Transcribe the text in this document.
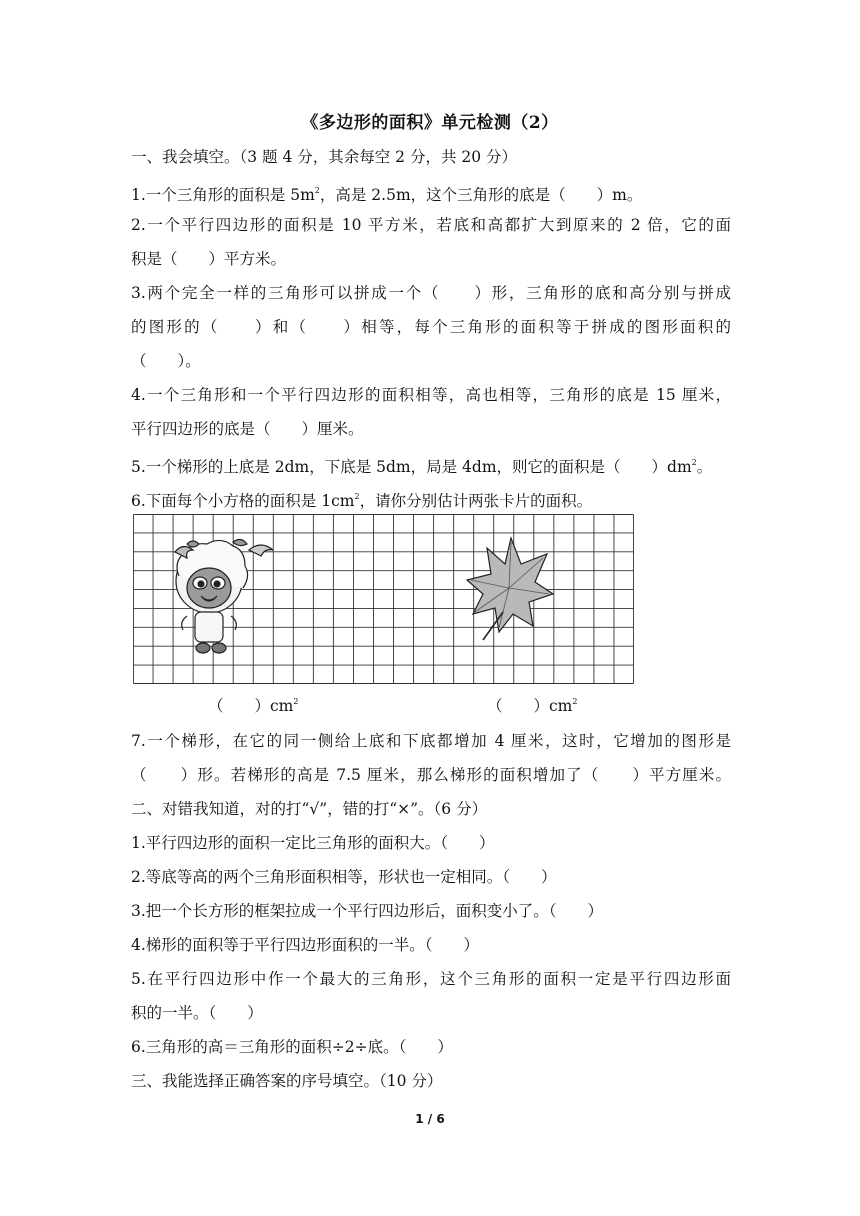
《多边形的面积》单元检测（2）
一、我会填空。（3 题 4 分，其余每空 2 分，共 20 分）
1.一个三角形的面积是 $5m^2$，高是 2.5m，这个三角形的底是（　　）m。
2.一个平行四边形的面积是 10 平方米，若底和高都扩大到原来的 2 倍，它的面
积是（　　）平方米。
3.两个完全一样的三角形可以拼成一个（　　）形，三角形的底和高分别与拼成
的图形的（　　）和（　　）相等，每个三角形的面积等于拼成的图形面积的
（　　）。
4.一个三角形和一个平行四边形的面积相等，高也相等，三角形的底是 15 厘米，
平行四边形的底是（　　）厘米。
5.一个梯形的上底是 2dm，下底是 5dm，局是 4dm，则它的面积是（　　）$dm^2$。
6.下面每个小方格的面积是 $1cm^2$，请你分别估计两张卡片的面积。
（　　）$cm^2$	（　　）$cm^2$
7.一个梯形，在它的同一侧给上底和下底都增加 4 厘米，这时，它增加的图形是
（　　）形。若梯形的高是 7.5 厘米，那么梯形的面积增加了（　　）平方厘米。
二、对错我知道，对的打“√”，错的打“×”。（6 分）
1.平行四边形的面积一定比三角形的面积大。（　　）
2.等底等高的两个三角形面积相等，形状也一定相同。（　　）
3.把一个长方形的框架拉成一个平行四边形后，面积变小了。（　　）
4.梯形的面积等于平行四边形面积的一半。（　　）
5.在平行四边形中作一个最大的三角形，这个三角形的面积一定是平行四边形面
积的一半。（　　）
6.三角形的高＝三角形的面积÷2÷底。（　　）
三、我能选择正确答案的序号填空。（10 分）
1 / 6
